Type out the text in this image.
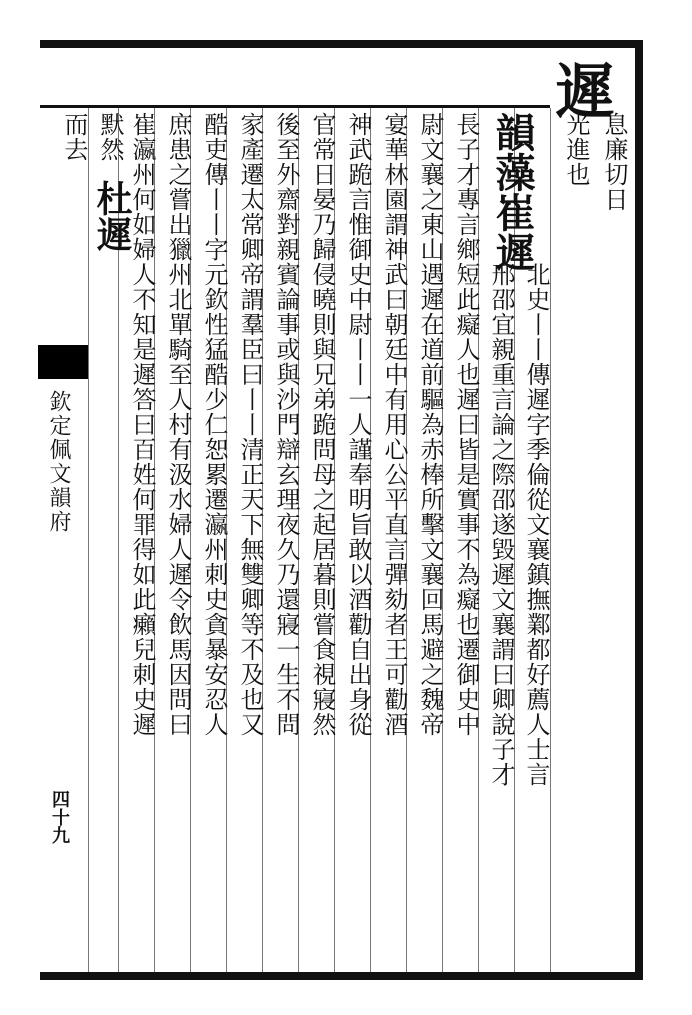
遲
息廉切日
光進也
韻藻崔遲
北史丨丨傳遲字季倫從文襄鎮撫鄴都好薦人士言
邢邵宜親重言論之際邵遂毀遲文襄謂曰卿說子才
長子才專言鄉短此癡人也遲曰皆是實事不為癡也遷御史中
尉文襄之東山遇遲在道前驅為赤棒所擊文襄回馬避之魏帝
宴華林園謂神武曰朝廷中有用心公平直言彈劾者王可勸酒
神武跪言惟御史中尉丨丨一人謹奉明旨敢以酒勸自出身從
官常日晏乃歸侵曉則與兄弟跪問母之起居暮則嘗食視寢然
後至外齋對親賓論事或與沙門辯玄理夜久乃還寢一生不問
家產遷太常卿帝謂羣臣曰丨丨清正天下無雙卿等不及也又
酷吏傳丨丨字元欽性猛酷少仁恕累遷瀛州刺史貪暴安忍人
庶患之嘗出獵州北單騎至人村有汲水婦人遲令飲馬因問曰
崔瀛州何如婦人不知是遲答曰百姓何罪得如此癩兒刺史遲
默然
杜遲
而去
欽定佩文韻府
四十九
